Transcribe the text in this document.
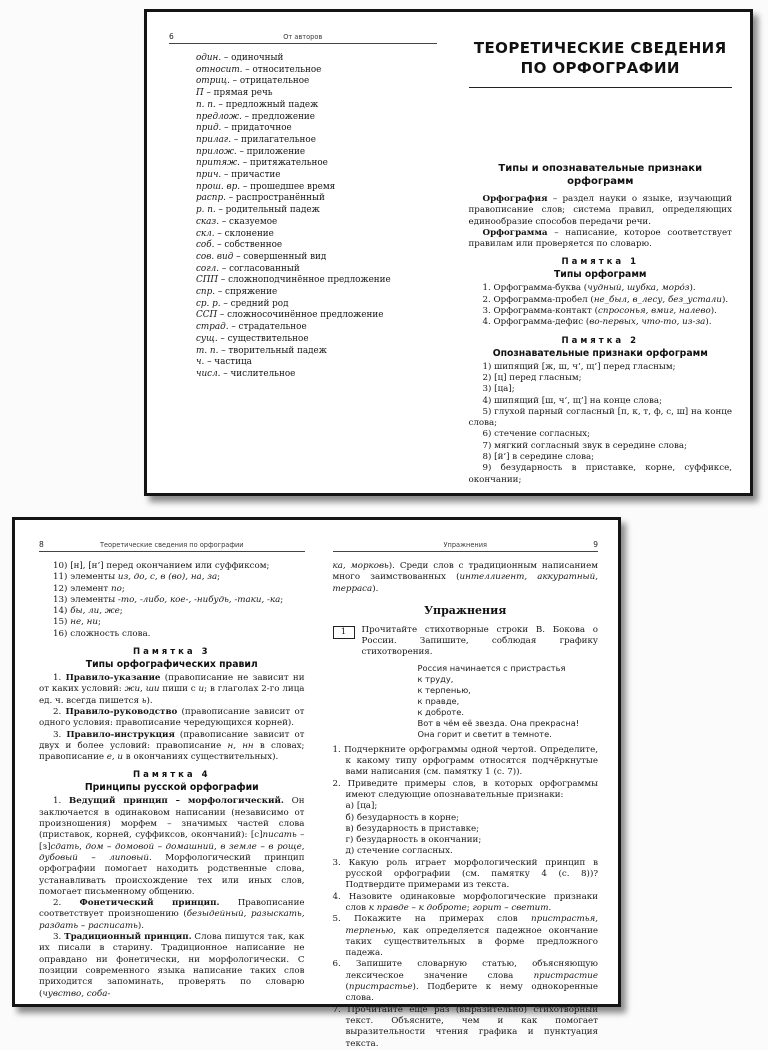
6	От авторов
один. – одиночный
относит. – относительное
отриц. – отрицательное
П – прямая речь
п. п. – предложный падеж
предлож. – предложение
прид. – придаточное
прилаг. – прилагательное
прилож. – приложение
притяж. – притяжательное
прич. – причастие
прош. вр. – прошедшее время
распр. – распространённый
р. п. – родительный падеж
сказ. – сказуемое
скл. – склонение
соб. – собственное
сов. вид – совершенный вид
согл. – согласованный
СПП – сложноподчинённое предложение
спр. – спряжение
ср. р. – средний род
ССП – сложносочинённое предложение
страд. – страдательное
сущ. – существительное
т. п. – творительный падеж
ч. – частица
числ. – числительное
ТЕОРЕТИЧЕСКИЕ СВЕДЕНИЯ
ПО ОРФОГРАФИИ
Типы и опознавательные признаки
орфограмм

Орфография – раздел науки о языке, изучающий правописание слов; система правил, определяющих единообразие способов передачи речи.

Орфограмма – написание, которое соответствует правилам или проверяется по словарю.

Памятка 1
Типы орфограмм

1. Орфограмма-буква (чудный, шубка, моро́з).

2. Орфограмма-пробел (не_был, в_лесу, без_устали).

3. Орфограмма-контакт (спросонья, вмиг, налево).

4. Орфограмма-дефис (во-первых, что-то, из-за).

Памятка 2
Опознавательные признаки орфограмм

1) шипящий [ж, ш, ч’, щ’] перед гласным;

2) [ц] перед гласным;

3) [ца];

4) шипящий [ш, ч’, щ’] на конце слова;

5) глухой парный согласный [п, к, т, ф, с, ш] на конце слова;

6) стечение согласных;

7) мягкий согласный звук в середине слова;

8) [й’] в середине слова;

9) безударность в приставке, корне, суффиксе, окончании;

8	Теоретические сведения по орфографии

10) [н], [н’] перед окончанием или суффиксом;

11) элементы из, до, с, в (во), на, за;

12) элемент по;

13) элементы -то, -либо, кое-, -нибудь, -таки, -ка;

14) бы, ли, же;

15) не, ни;

16) сложность слова.

Памятка 3
Типы орфографических правил

1. Правило-указание (правописание не зависит ни от каких условий: жи, ши пиши с и; в глаголах 2-го лица ед. ч. всегда пишется ь).

2. Правило-руководство (правописание зависит от одного условия: правописание чередующихся корней).

3. Правило-инструкция (правописание зависит от двух и более условий: правописание н, нн в словах; правописание е, и в окончаниях существительных).

Памятка 4
Принципы русской орфографии

1. Ведущий принцип – морфологический. Он заключается в одинаковом написании (независимо от произношения) морфем – значимых частей слова (приставок, корней, суффиксов, окончаний): [с]писать – [з]сдать, дом – домовой – домашний, в земле – в роще, дубовый – липовый. Морфологический принцип орфографии помогает находить родственные слова, устанавливать происхождение тех или иных слов, помогает письменному общению.

2. Фонетический принцип. Правописание соответствует произношению (безыдейный, разыскать, раздать – расписать).

3. Традиционный принцип. Слова пишутся так, как их писали в старину. Традиционное написание не оправдано ни фонетически, ни морфологически. С позиции современного языка написание таких слов приходится запоминать, проверять по словарю (чувство, соба-

Упражнения	9

ка, морковь). Среди слов с традиционным написанием много заимствованных (интеллигент, аккуратный, терраса).

Упражнения
1	Прочитайте стихотворные строки В. Бокова о России. Запишите, соблюдая графику стихотворения.
Россия начинается с пристрастья
к труду,
к терпенью,
к правде,
к доброте.
Вот в чём её звезда. Она прекрасна!
Она горит и светит в темноте.

1. Подчеркните орфограммы одной чертой. Определите, к какому типу орфограмм относятся подчёркнутые вами написания (см. памятку 1 (с. 7)).

2. Приведите примеры слов, в которых орфограммы имеют следующие опознавательные признаки:

а) [ца];

б) безударность в корне;

в) безударность в приставке;

г) безударность в окончании;

д) стечение согласных.

3. Какую роль играет морфологический принцип в русской орфографии (см. памятку 4 (с. 8))? Подтвердите примерами из текста.

4. Назовите одинаковые морфологические признаки слов к правде – к доброте; горит – светит.

5. Покажите на примерах слов пристрастья, терпенью, как определяется падежное окончание таких существительных в форме предложного падежа.

6. Запишите словарную статью, объясняющую лексическое значение слова пристрастие (пристрастье). Подберите к нему однокоренные слова.

7. Прочитайте ещё раз (выразительно) стихотворный текст. Объясните, чем и как помогает выразительности чтения графика и пунктуация текста.
